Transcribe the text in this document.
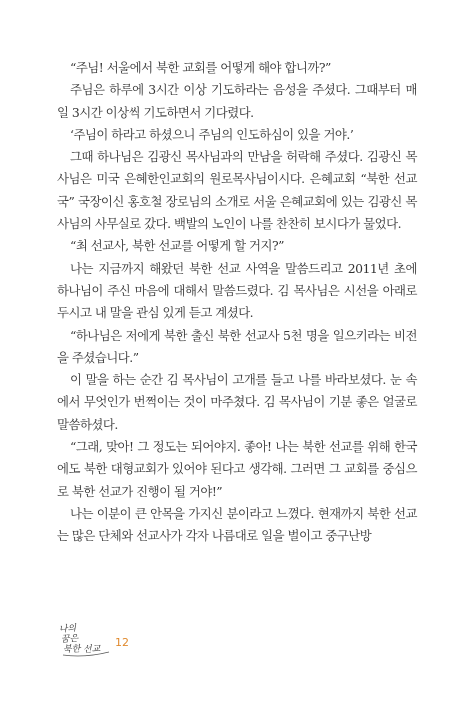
“주님! 서울에서 북한 교회를 어떻게 해야 합니까?”

주님은 하루에 3시간 이상 기도하라는 음성을 주셨다. 그때부터 매일 3시간 이상씩 기도하면서 기다렸다.

‘주님이 하라고 하셨으니 주님의 인도하심이 있을 거야.’

그때 하나님은 김광신 목사님과의 만남을 허락해 주셨다. 김광신 목사님은 미국 은혜한인교회의 원로목사님이시다. 은혜교회 “북한 선교국” 국장이신 홍호철 장로님의 소개로 서울 은혜교회에 있는 김광신 목사님의 사무실로 갔다. 백발의 노인이 나를 찬찬히 보시다가 물었다.

“최 선교사, 북한 선교를 어떻게 할 거지?”

나는 지금까지 해왔던 북한 선교 사역을 말씀드리고 2011년 초에 하나님이 주신 마음에 대해서 말씀드렸다. 김 목사님은 시선을 아래로 두시고 내 말을 관심 있게 듣고 계셨다.

“하나님은 저에게 북한 출신 북한 선교사 5천 명을 일으키라는 비전을 주셨습니다.”

이 말을 하는 순간 김 목사님이 고개를 들고 나를 바라보셨다. 눈 속에서 무엇인가 번쩍이는 것이 마주쳤다. 김 목사님이 기분 좋은 얼굴로 말씀하셨다.

“그래, 맞아! 그 정도는 되어야지. 좋아! 나는 북한 선교를 위해 한국에도 북한 대형교회가 있어야 된다고 생각해. 그러면 그 교회를 중심으로 북한 선교가 진행이 될 거야!”

나는 이분이 큰 안목을 가지신 분이라고 느꼈다. 현재까지 북한 선교는 많은 단체와 선교사가 각자 나름대로 일을 벌이고 중구난방

나의
꿈은
북한 선교
12
